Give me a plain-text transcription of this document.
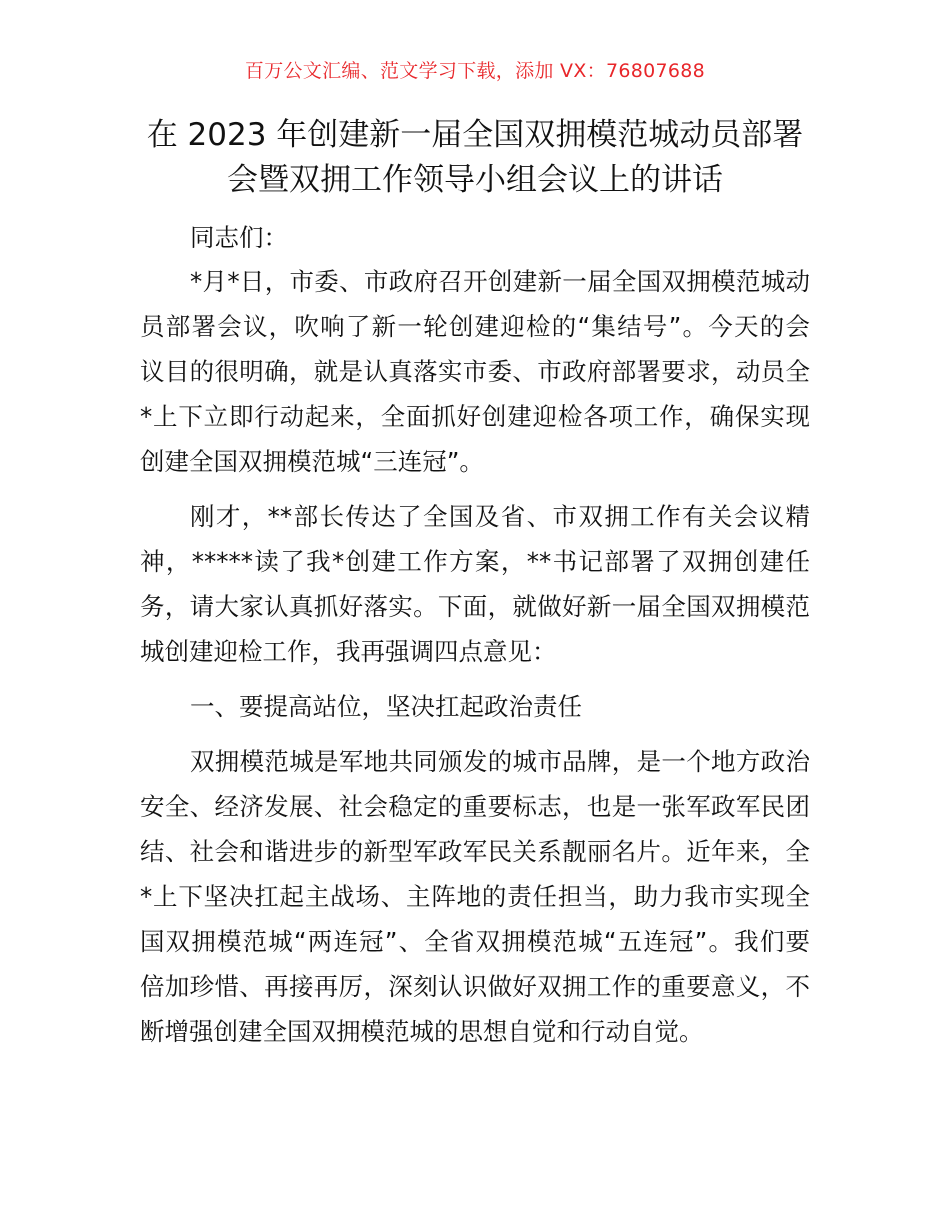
百万公文汇编、范文学习下载，添加 VX：76807688
在 2023 年创建新一届全国双拥模范城动员部署
会暨双拥工作领导小组会议上的讲话
同志们：
*月*日，市委、市政府召开创建新一届全国双拥模范城动
员部署会议，吹响了新一轮创建迎检的“集结号”。今天的会
议目的很明确，就是认真落实市委、市政府部署要求，动员全
*上下立即行动起来，全面抓好创建迎检各项工作，确保实现
创建全国双拥模范城“三连冠”。
刚才，**部长传达了全国及省、市双拥工作有关会议精
神，*****读了我*创建工作方案，**书记部署了双拥创建任
务，请大家认真抓好落实。下面，就做好新一届全国双拥模范
城创建迎检工作，我再强调四点意见：
一、要提高站位，坚决扛起政治责任
双拥模范城是军地共同颁发的城市品牌，是一个地方政治
安全、经济发展、社会稳定的重要标志，也是一张军政军民团
结、社会和谐进步的新型军政军民关系靓丽名片。近年来，全
*上下坚决扛起主战场、主阵地的责任担当，助力我市实现全
国双拥模范城“两连冠”、全省双拥模范城“五连冠”。我们要
倍加珍惜、再接再厉，深刻认识做好双拥工作的重要意义，不
断增强创建全国双拥模范城的思想自觉和行动自觉。
